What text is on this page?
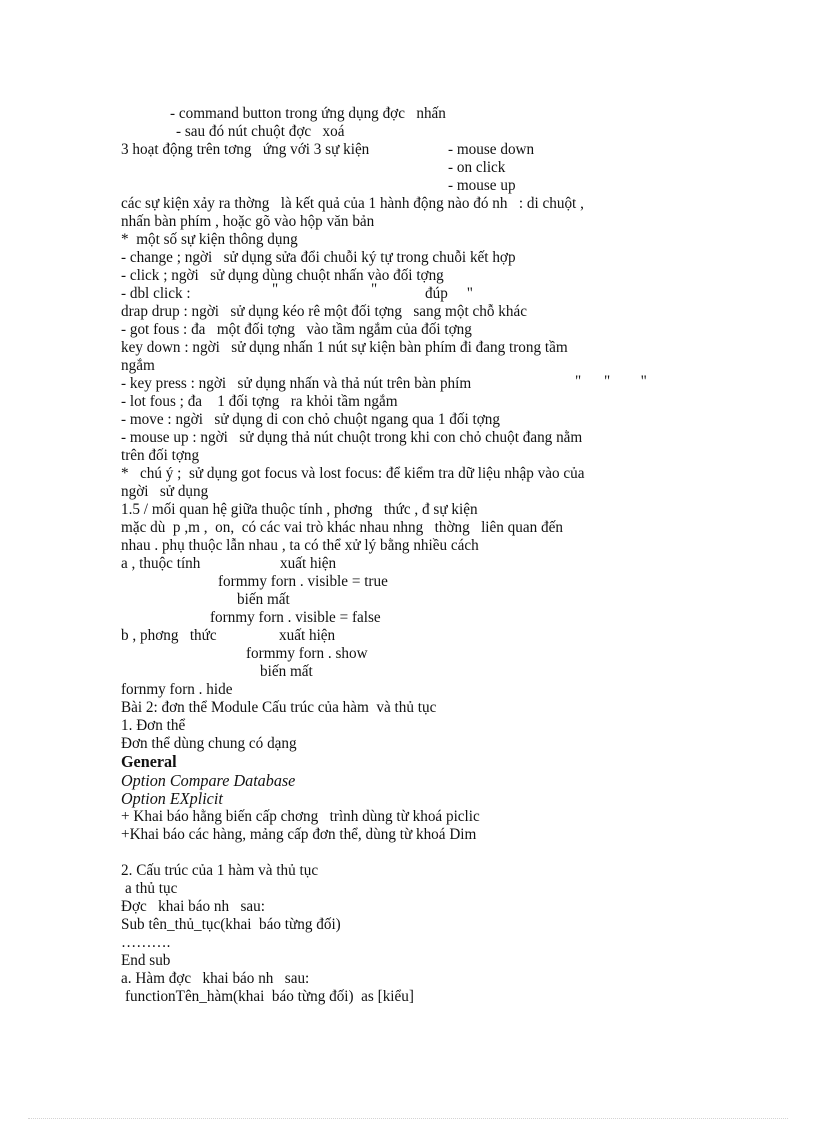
- command button trong ứng dụng đợc   nhấn
- sau đó nút chuột đợc   xoá
3 hoạt động trên tơng   ứng với 3 sự kiện	- mouse down
- on click
- mouse up
các sự kiện xảy ra thờng   là kết quả của 1 hành động nào đó nh   : di chuột ,
nhấn bàn phím , hoặc gõ vào hộp văn bản
*  một số sự kiện thông dụng
- change ; ngời   sử dụng sửa đổi chuỗi ký tự trong chuỗi kết hợp
- click ; ngời   sử dụng dùng chuột nhấn vào đối tợng
- dbl click :	"	"	đúp     "
drap drup : ngời   sử dụng kéo rê một đối tợng   sang một chỗ khác
- got fous : đa   một đối tợng   vào tầm ngắm của đối tợng
key down : ngời   sử dụng nhấn 1 nút sự kiện bàn phím đi đang trong tầm
ngắm
- key press : ngời   sử dụng nhấn và thả nút trên bàn phím	"      "        "
- lot fous ; đa    1 đối tợng   ra khỏi tầm ngắm
- move : ngời   sử dụng di con chỏ chuột ngang qua 1 đối tợng
- mouse up : ngời   sử dụng thả nút chuột trong khi con chỏ chuột đang nằm
trên đối tợng
*   chú ý ;  sử dụng got focus và lost focus: để kiểm tra dữ liệu nhập vào của
ngời   sử dụng
1.5 / mối quan hệ giữa thuộc tính , phơng   thức , đ sự kiện
mặc dù  p ,m ,  on,  có các vai trò khác nhau nhng   thờng   liên quan đến
nhau . phụ thuộc lẫn nhau , ta có thể xử lý bằng nhiều cách
a , thuộc tính	xuất hiện
formmy forn . visible = true
biến mất
fornmy forn . visible = false
b , phơng   thức	xuất hiện
formmy forn . show
biến mất
fornmy forn . hide
Bài 2: đơn thể Module Cấu trúc của hàm  và thủ tục
1. Đơn thể
Đơn thể dùng chung có dạng
General
Option Compare Database
Option EXplicit
+ Khai báo hằng biến cấp chơng   trình dùng từ khoá piclic
+Khai báo các hàng, mảng cấp đơn thể, dùng từ khoá Dim
2. Cấu trúc của 1 hàm và thủ tục
a thủ tục
Đợc   khai báo nh   sau:
Sub tên_thủ_tục(khai  báo từng đối)
……….
End sub
a. Hàm đợc   khai báo nh   sau:
functionTên_hàm(khai  báo từng đối)  as [kiểu]
